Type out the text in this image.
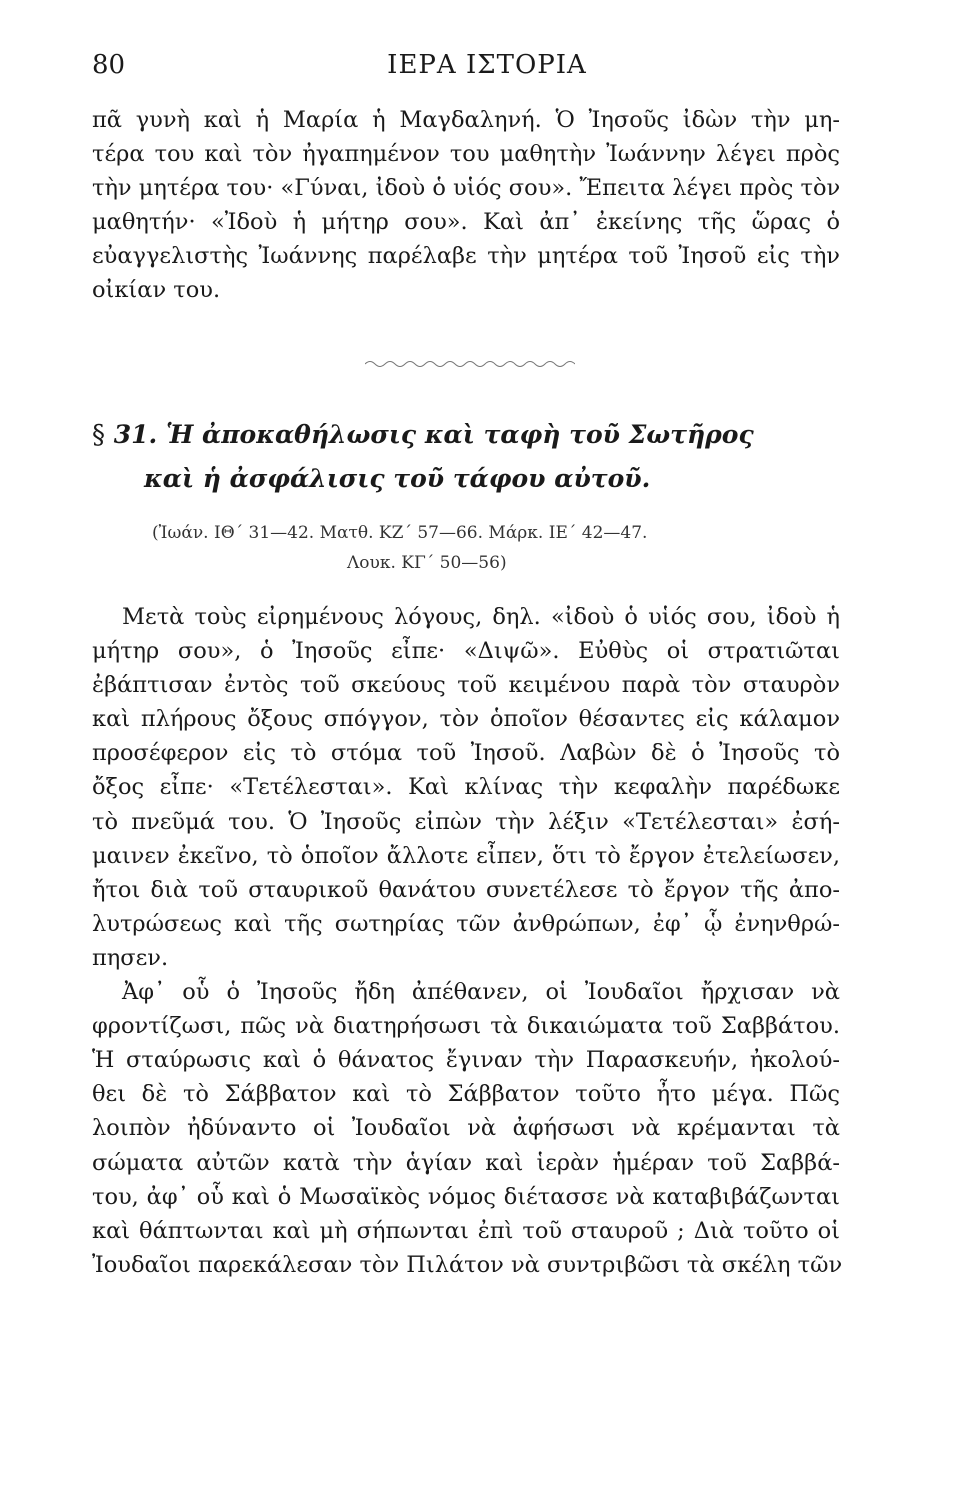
80	ΙΕΡΑ ΙΣΤΟΡΙΑ
πᾶ γυνὴ καὶ ἡ Μαρία ἡ Μαγδαληνή. Ὁ Ἰησοῦς ἰδὼν τὴν μη-
τέρα του καὶ τὸν ἠγαπημένον του μαθητὴν Ἰωάννην λέγει πρὸς
τὴν μητέρα του· «Γύναι, ἰδοὺ ὁ υἱός σου». Ἔπειτα λέγει πρὸς τὸν
μαθητήν· «Ἰδοὺ ἡ μήτηρ σου». Καὶ ἀπ᾽ ἐκείνης τῆς ὥρας ὁ
εὐαγγελιστὴς Ἰωάννης παρέλαβε τὴν μητέρα τοῦ Ἰησοῦ εἰς τὴν
οἰκίαν του.
§ 31. Ἡ ἀποκαθήλωσις καὶ ταφὴ τοῦ Σωτῆρος
καὶ ἡ ἀσφάλισις τοῦ τάφου αὐτοῦ.
(Ἰωάν. ΙΘ΄ 31—42. Ματθ. ΚΖ΄ 57—66. Μάρκ. ΙΕ΄ 42—47.
Λουκ. ΚΓ΄ 50—56)
Μετὰ τοὺς εἰρημένους λόγους, δηλ. «ἰδοὺ ὁ υἱός σου, ἰδοὺ ἡ
μήτηρ σου», ὁ Ἰησοῦς εἶπε· «Διψῶ». Εὐθὺς οἱ στρατιῶται
ἐβάπτισαν ἐντὸς τοῦ σκεύους τοῦ κειμένου παρὰ τὸν σταυρὸν
καὶ πλήρους ὄξους σπόγγον, τὸν ὁποῖον θέσαντες εἰς κάλαμον
προσέφερον εἰς τὸ στόμα τοῦ Ἰησοῦ. Λαβὼν δὲ ὁ Ἰησοῦς τὸ
ὄξος εἶπε· «Τετέλεσται». Καὶ κλίνας τὴν κεφαλὴν παρέδωκε
τὸ πνεῦμά του. Ὁ Ἰησοῦς εἰπὼν τὴν λέξιν «Τετέλεσται» ἐσή-
μαινεν ἐκεῖνο, τὸ ὁποῖον ἄλλοτε εἶπεν, ὅτι τὸ ἔργον ἐτελείωσεν,
ἤτοι διὰ τοῦ σταυρικοῦ θανάτου συνετέλεσε τὸ ἔργον τῆς ἀπο-
λυτρώσεως καὶ τῆς σωτηρίας τῶν ἀνθρώπων, ἐφ᾽ ᾧ ἐνηνθρώ-
πησεν.
Ἀφ᾽ οὗ ὁ Ἰησοῦς ἤδη ἀπέθανεν, οἱ Ἰουδαῖοι ἤρχισαν νὰ
φροντίζωσι, πῶς νὰ διατηρήσωσι τὰ δικαιώματα τοῦ Σαββάτου.
Ἡ σταύρωσις καὶ ὁ θάνατος ἔγιναν τὴν Παρασκευήν, ἠκολού-
θει δὲ τὸ Σάββατον καὶ τὸ Σάββατον τοῦτο ἦτο μέγα. Πῶς
λοιπὸν ἠδύναντο οἱ Ἰουδαῖοι νὰ ἀφήσωσι νὰ κρέμανται τὰ
σώματα αὐτῶν κατὰ τὴν ἁγίαν καὶ ἱερὰν ἡμέραν τοῦ Σαββά-
του, ἀφ᾽ οὗ καὶ ὁ Μωσαϊκὸς νόμος διέτασσε νὰ καταβιβάζωνται
καὶ θάπτωνται καὶ μὴ σήπωνται ἐπὶ τοῦ σταυροῦ ; Διὰ τοῦτο οἱ
Ἰουδαῖοι παρεκάλεσαν τὸν Πιλάτον νὰ συντριβῶσι τὰ σκέλη τῶν
